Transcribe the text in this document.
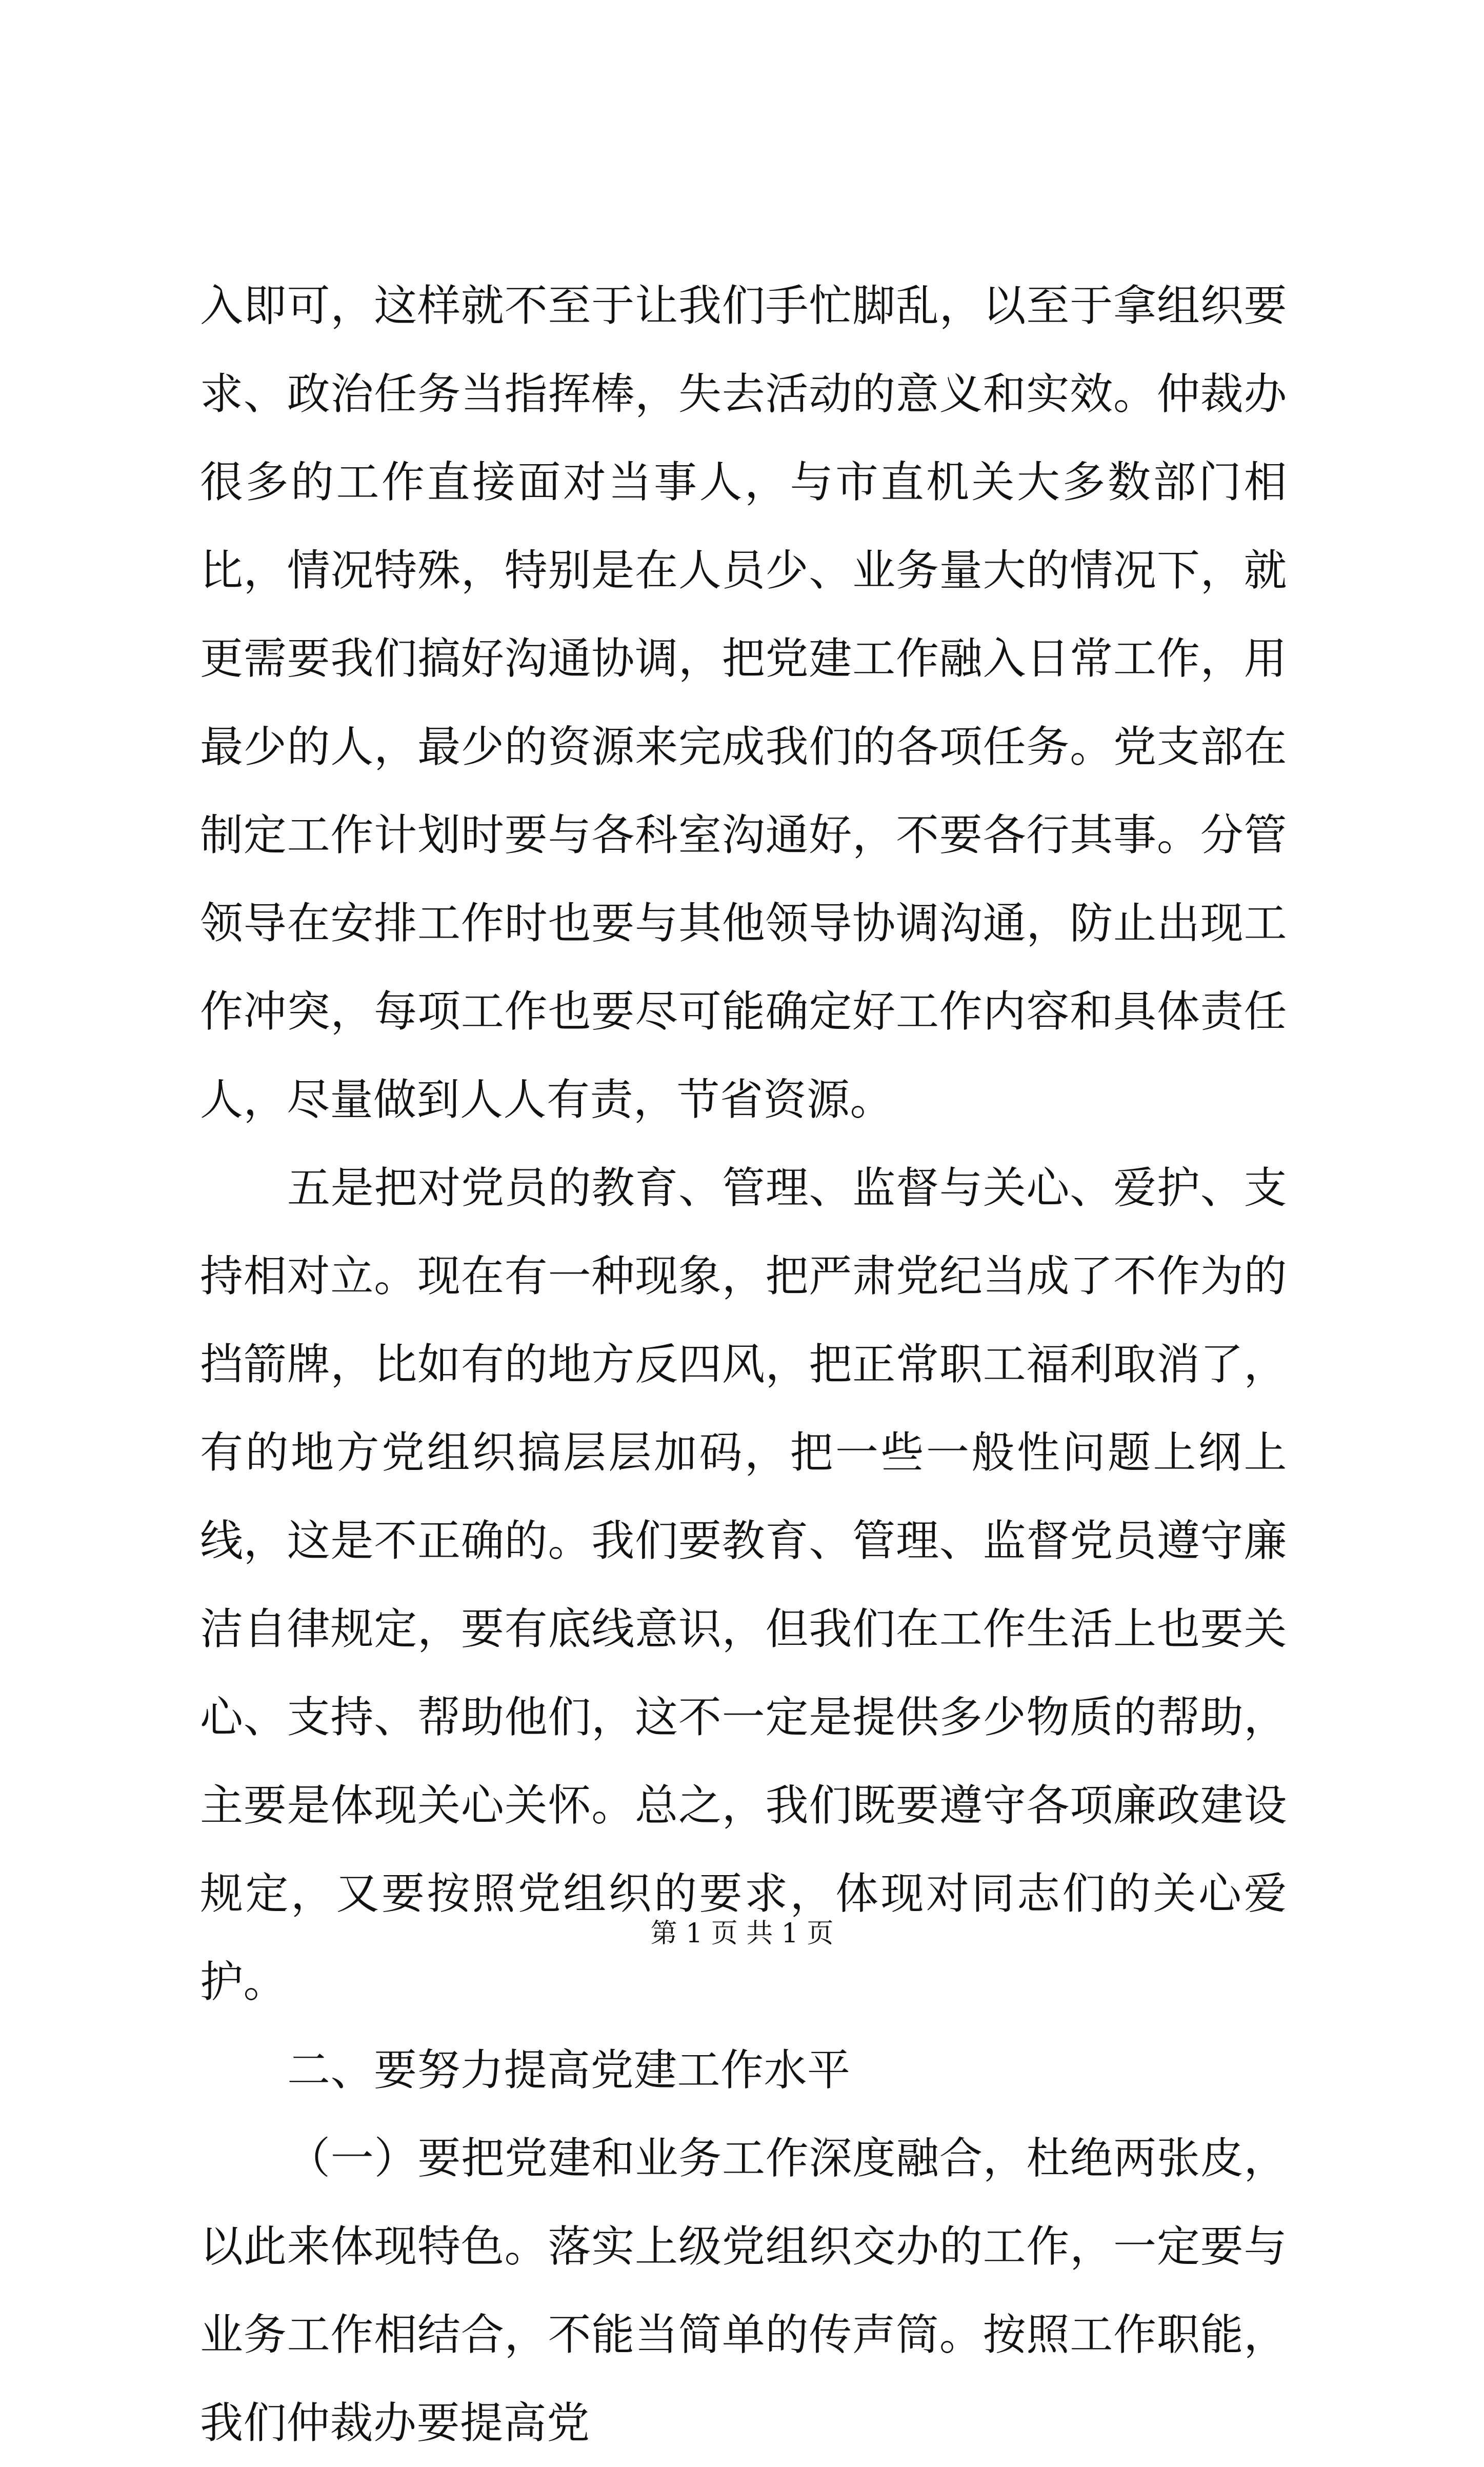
入即可，这样就不至于让我们手忙脚乱，以至于拿组织要求、政治任务当指挥棒，失去活动的意义和实效。仲裁办很多的工作直接面对当事人，与市直机关大多数部门相比，情况特殊，特别是在人员少、业务量大的情况下，就更需要我们搞好沟通协调，把党建工作融入日常工作，用最少的人，最少的资源来完成我们的各项任务。党支部在制定工作计划时要与各科室沟通好，不要各行其事。分管领导在安排工作时也要与其他领导协调沟通，防止出现工作冲突，每项工作也要尽可能确定好工作内容和具体责任人，尽量做到人人有责，节省资源。

五是把对党员的教育、管理、监督与关心、爱护、支持相对立。现在有一种现象，把严肃党纪当成了不作为的挡箭牌，比如有的地方反四风，把正常职工福利取消了，有的地方党组织搞层层加码，把一些一般性问题上纲上线，这是不正确的。我们要教育、管理、监督党员遵守廉洁自律规定，要有底线意识，但我们在工作生活上也要关心、支持、帮助他们，这不一定是提供多少物质的帮助，主要是体现关心关怀。总之，我们既要遵守各项廉政建设规定，又要按照党组织的要求，体现对同志们的关心爱护。

二、要努力提高党建工作水平

（一）要把党建和业务工作深度融合，杜绝两张皮，以此来体现特色。落实上级党组织交办的工作，一定要与业务工作相结合，不能当简单的传声筒。按照工作职能，我们仲裁办要提高党

第 1 页 共 1 页
